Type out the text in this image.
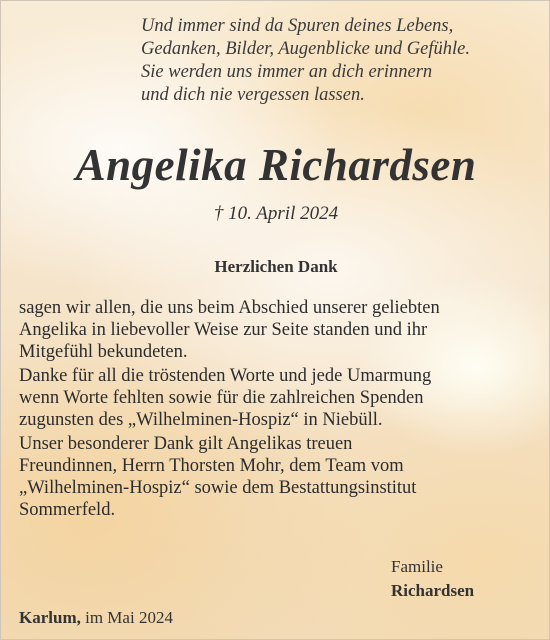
Und immer sind da Spuren deines Lebens,
Gedanken, Bilder, Augenblicke und Gefühle.
Sie werden uns immer an dich erinnern
und dich nie vergessen lassen.
Angelika Richardsen
† 10. April 2024
Herzlichen Dank

sagen wir allen, die uns beim Abschied unserer geliebten
Angelika in liebevoller Weise zur Seite standen und ihr
Mitgefühl bekundeten.

Danke für all die tröstenden Worte und jede Umarmung
wenn Worte fehlten sowie für die zahlreichen Spenden
zugunsten des „Wilhelminen-Hospiz“ in Niebüll.

Unser besonderer Dank gilt Angelikas treuen
Freundinnen, Herrn Thorsten Mohr, dem Team vom
„Wilhelminen-Hospiz“ sowie dem Bestattungsinstitut
Sommerfeld.

Familie
Richardsen
Karlum, im Mai 2024
